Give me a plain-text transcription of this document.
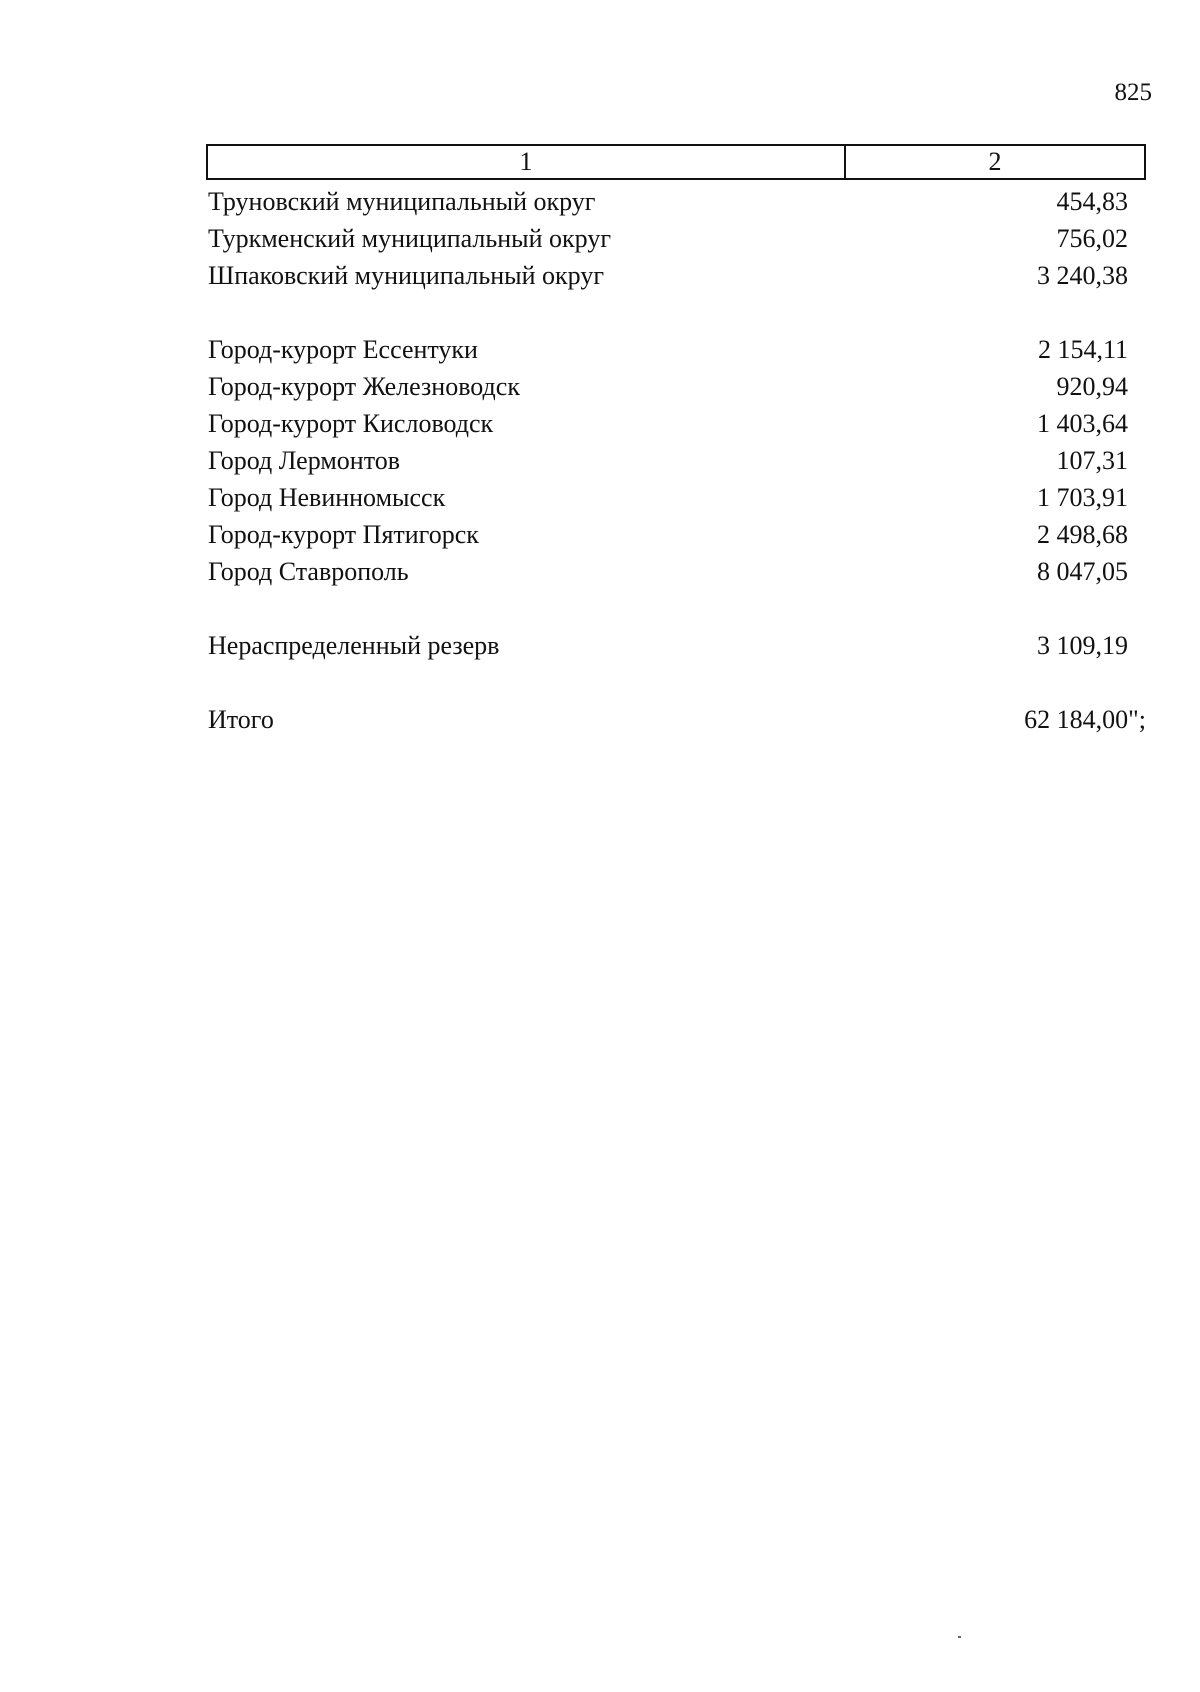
825
1	2
Труновский муниципальный округ	454,83
Туркменский муниципальный округ	756,02
Шпаковский муниципальный округ	3 240,38
Город-курорт Ессентуки	2 154,11
Город-курорт Железноводск	920,94
Город-курорт Кисловодск	1 403,64
Город Лермонтов	107,31
Город Невинномысск	1 703,91
Город-курорт Пятигорск	2 498,68
Город Ставрополь	8 047,05
Нераспределенный резерв	3 109,19
Итого	62 184,00";
